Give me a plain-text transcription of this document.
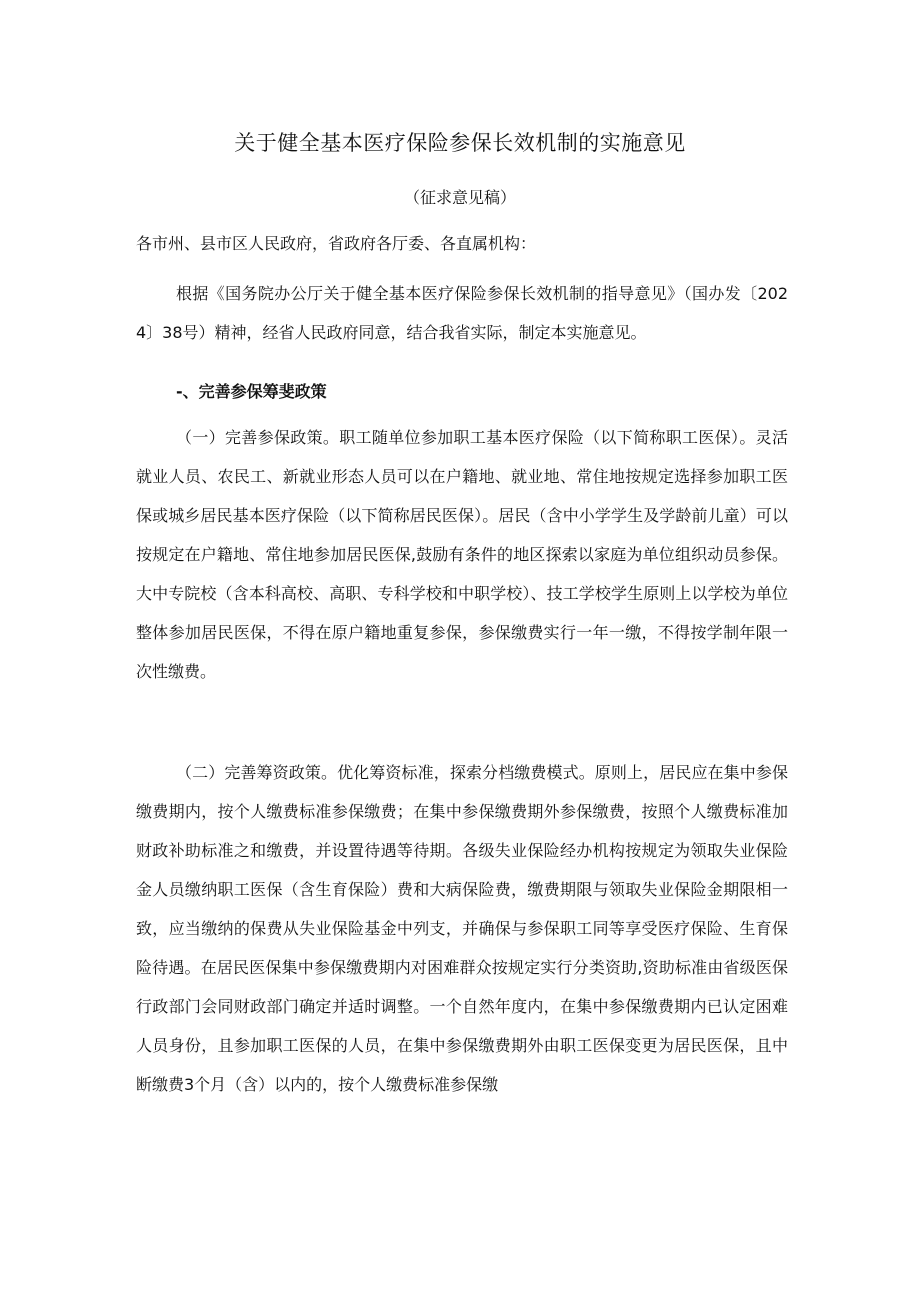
关于健全基本医疗保险参保长效机制的实施意见
（征求意见稿）
各市州、县市区人民政府，省政府各厅委、各直属机构：
根据《国务院办公厅关于健全基本医疗保险参保长效机制的指导意见》（国办发〔2024〕38号）精神，经省人民政府同意，结合我省实际，制定本实施意见。
-、完善参保筹斐政策
（一）完善参保政策。职工随单位参加职工基本医疗保险（以下简称职工医保）。灵活就业人员、农民工、新就业形态人员可以在户籍地、就业地、常住地按规定选择参加职工医保或城乡居民基本医疗保险（以下简称居民医保）。居民（含中小学学生及学龄前儿童）可以按规定在户籍地、常住地参加居民医保,鼓励有条件的地区探索以家庭为单位组织动员参保。大中专院校（含本科高校、高职、专科学校和中职学校）、技工学校学生原则上以学校为单位整体参加居民医保，不得在原户籍地重复参保，参保缴费实行一年一缴，不得按学制年限一次性缴费。
（二）完善筹资政策。优化筹资标准，探索分档缴费模式。原则上，居民应在集中参保缴费期内，按个人缴费标准参保缴费；在集中参保缴费期外参保缴费，按照个人缴费标准加财政补助标准之和缴费，并设置待遇等待期。各级失业保险经办机构按规定为领取失业保险金人员缴纳职工医保（含生育保险）费和大病保险费，缴费期限与领取失业保险金期限相一致，应当缴纳的保费从失业保险基金中列支，并确保与参保职工同等享受医疗保险、生育保险待遇。在居民医保集中参保缴费期内对困难群众按规定实行分类资助,资助标准由省级医保行政部门会同财政部门确定并适时调整。一个自然年度内，在集中参保缴费期内已认定困难人员身份，且参加职工医保的人员，在集中参保缴费期外由职工医保变更为居民医保，且中断缴费3个月（含）以内的，按个人缴费标准参保缴
